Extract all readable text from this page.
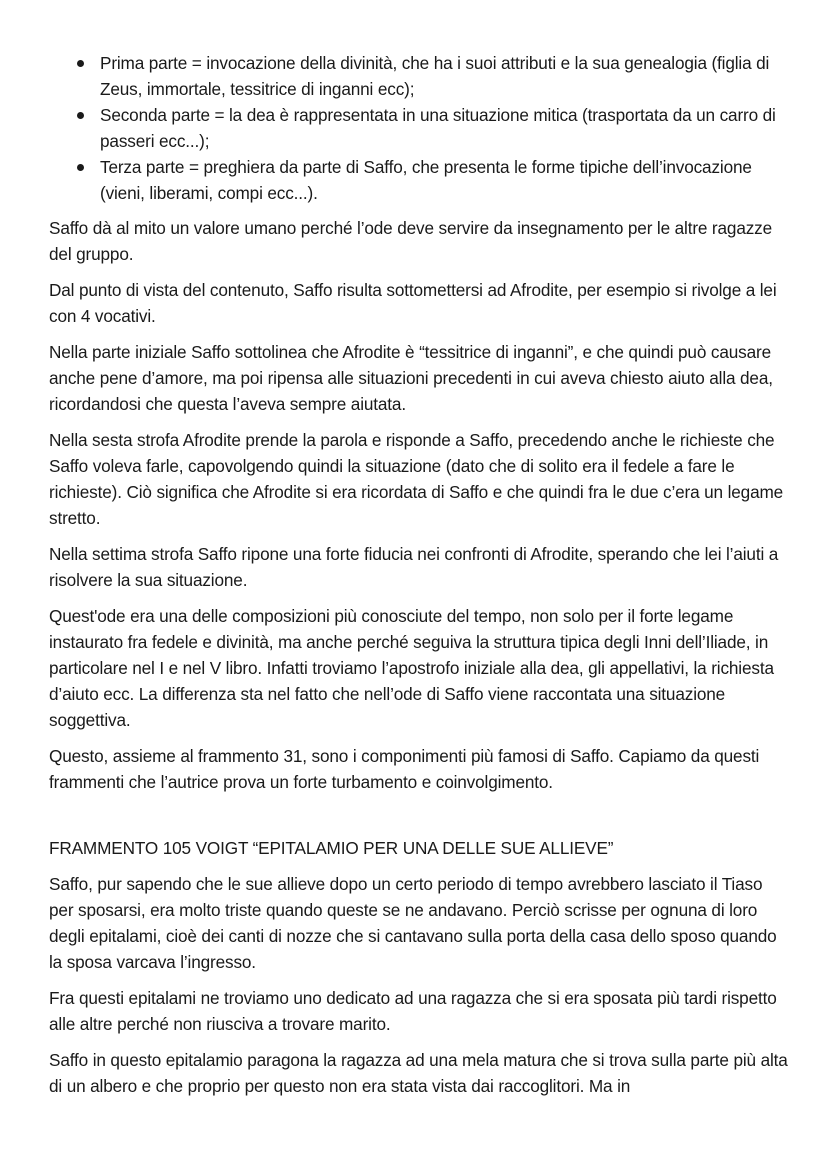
Prima parte = invocazione della divinità, che ha i suoi attributi e la sua genealogia (figlia di Zeus, immortale, tessitrice di inganni ecc);
Seconda parte = la dea è rappresentata in una situazione mitica (trasportata da un carro di passeri ecc...);
Terza parte = preghiera da parte di Saffo, che presenta le forme tipiche dell’invocazione (vieni, liberami, compi ecc...).

Saffo dà al mito un valore umano perché l’ode deve servire da insegnamento per le altre ragazze del gruppo.

Dal punto di vista del contenuto, Saffo risulta sottomettersi ad Afrodite, per esempio si rivolge a lei con 4 vocativi.

Nella parte iniziale Saffo sottolinea che Afrodite è “tessitrice di inganni”, e che quindi può causare anche pene d’amore, ma poi ripensa alle situazioni precedenti in cui aveva chiesto aiuto alla dea, ricordandosi che questa l’aveva sempre aiutata.

Nella sesta strofa Afrodite prende la parola e risponde a Saffo, precedendo anche le richieste che Saffo voleva farle, capovolgendo quindi la situazione (dato che di solito era il fedele a fare le richieste). Ciò significa che Afrodite si era ricordata di Saffo e che quindi fra le due c’era un legame stretto.

Nella settima strofa Saffo ripone una forte fiducia nei confronti di Afrodite, sperando che lei l’aiuti a risolvere la sua situazione.

Quest'ode era una delle composizioni più conosciute del tempo, non solo per il forte legame instaurato fra fedele e divinità, ma anche perché seguiva la struttura tipica degli Inni dell’Iliade, in particolare nel I e nel V libro. Infatti troviamo l’apostrofo iniziale alla dea, gli appellativi, la richiesta d’aiuto ecc. La differenza sta nel fatto che nell’ode di Saffo viene raccontata una situazione soggettiva.

Questo, assieme al frammento 31, sono i componimenti più famosi di Saffo. Capiamo da questi frammenti che l’autrice prova un forte turbamento e coinvolgimento.

FRAMMENTO 105 VOIGT “EPITALAMIO PER UNA DELLE SUE ALLIEVE”

Saffo, pur sapendo che le sue allieve dopo un certo periodo di tempo avrebbero lasciato il Tiaso per sposarsi, era molto triste quando queste se ne andavano. Perciò scrisse per ognuna di loro degli epitalami, cioè dei canti di nozze che si cantavano sulla porta della casa dello sposo quando la sposa varcava l’ingresso.

Fra questi epitalami ne troviamo uno dedicato ad una ragazza che si era sposata più tardi rispetto alle altre perché non riusciva a trovare marito.

Saffo in questo epitalamio paragona la ragazza ad una mela matura che si trova sulla parte più alta di un albero e che proprio per questo non era stata vista dai raccoglitori. Ma in
